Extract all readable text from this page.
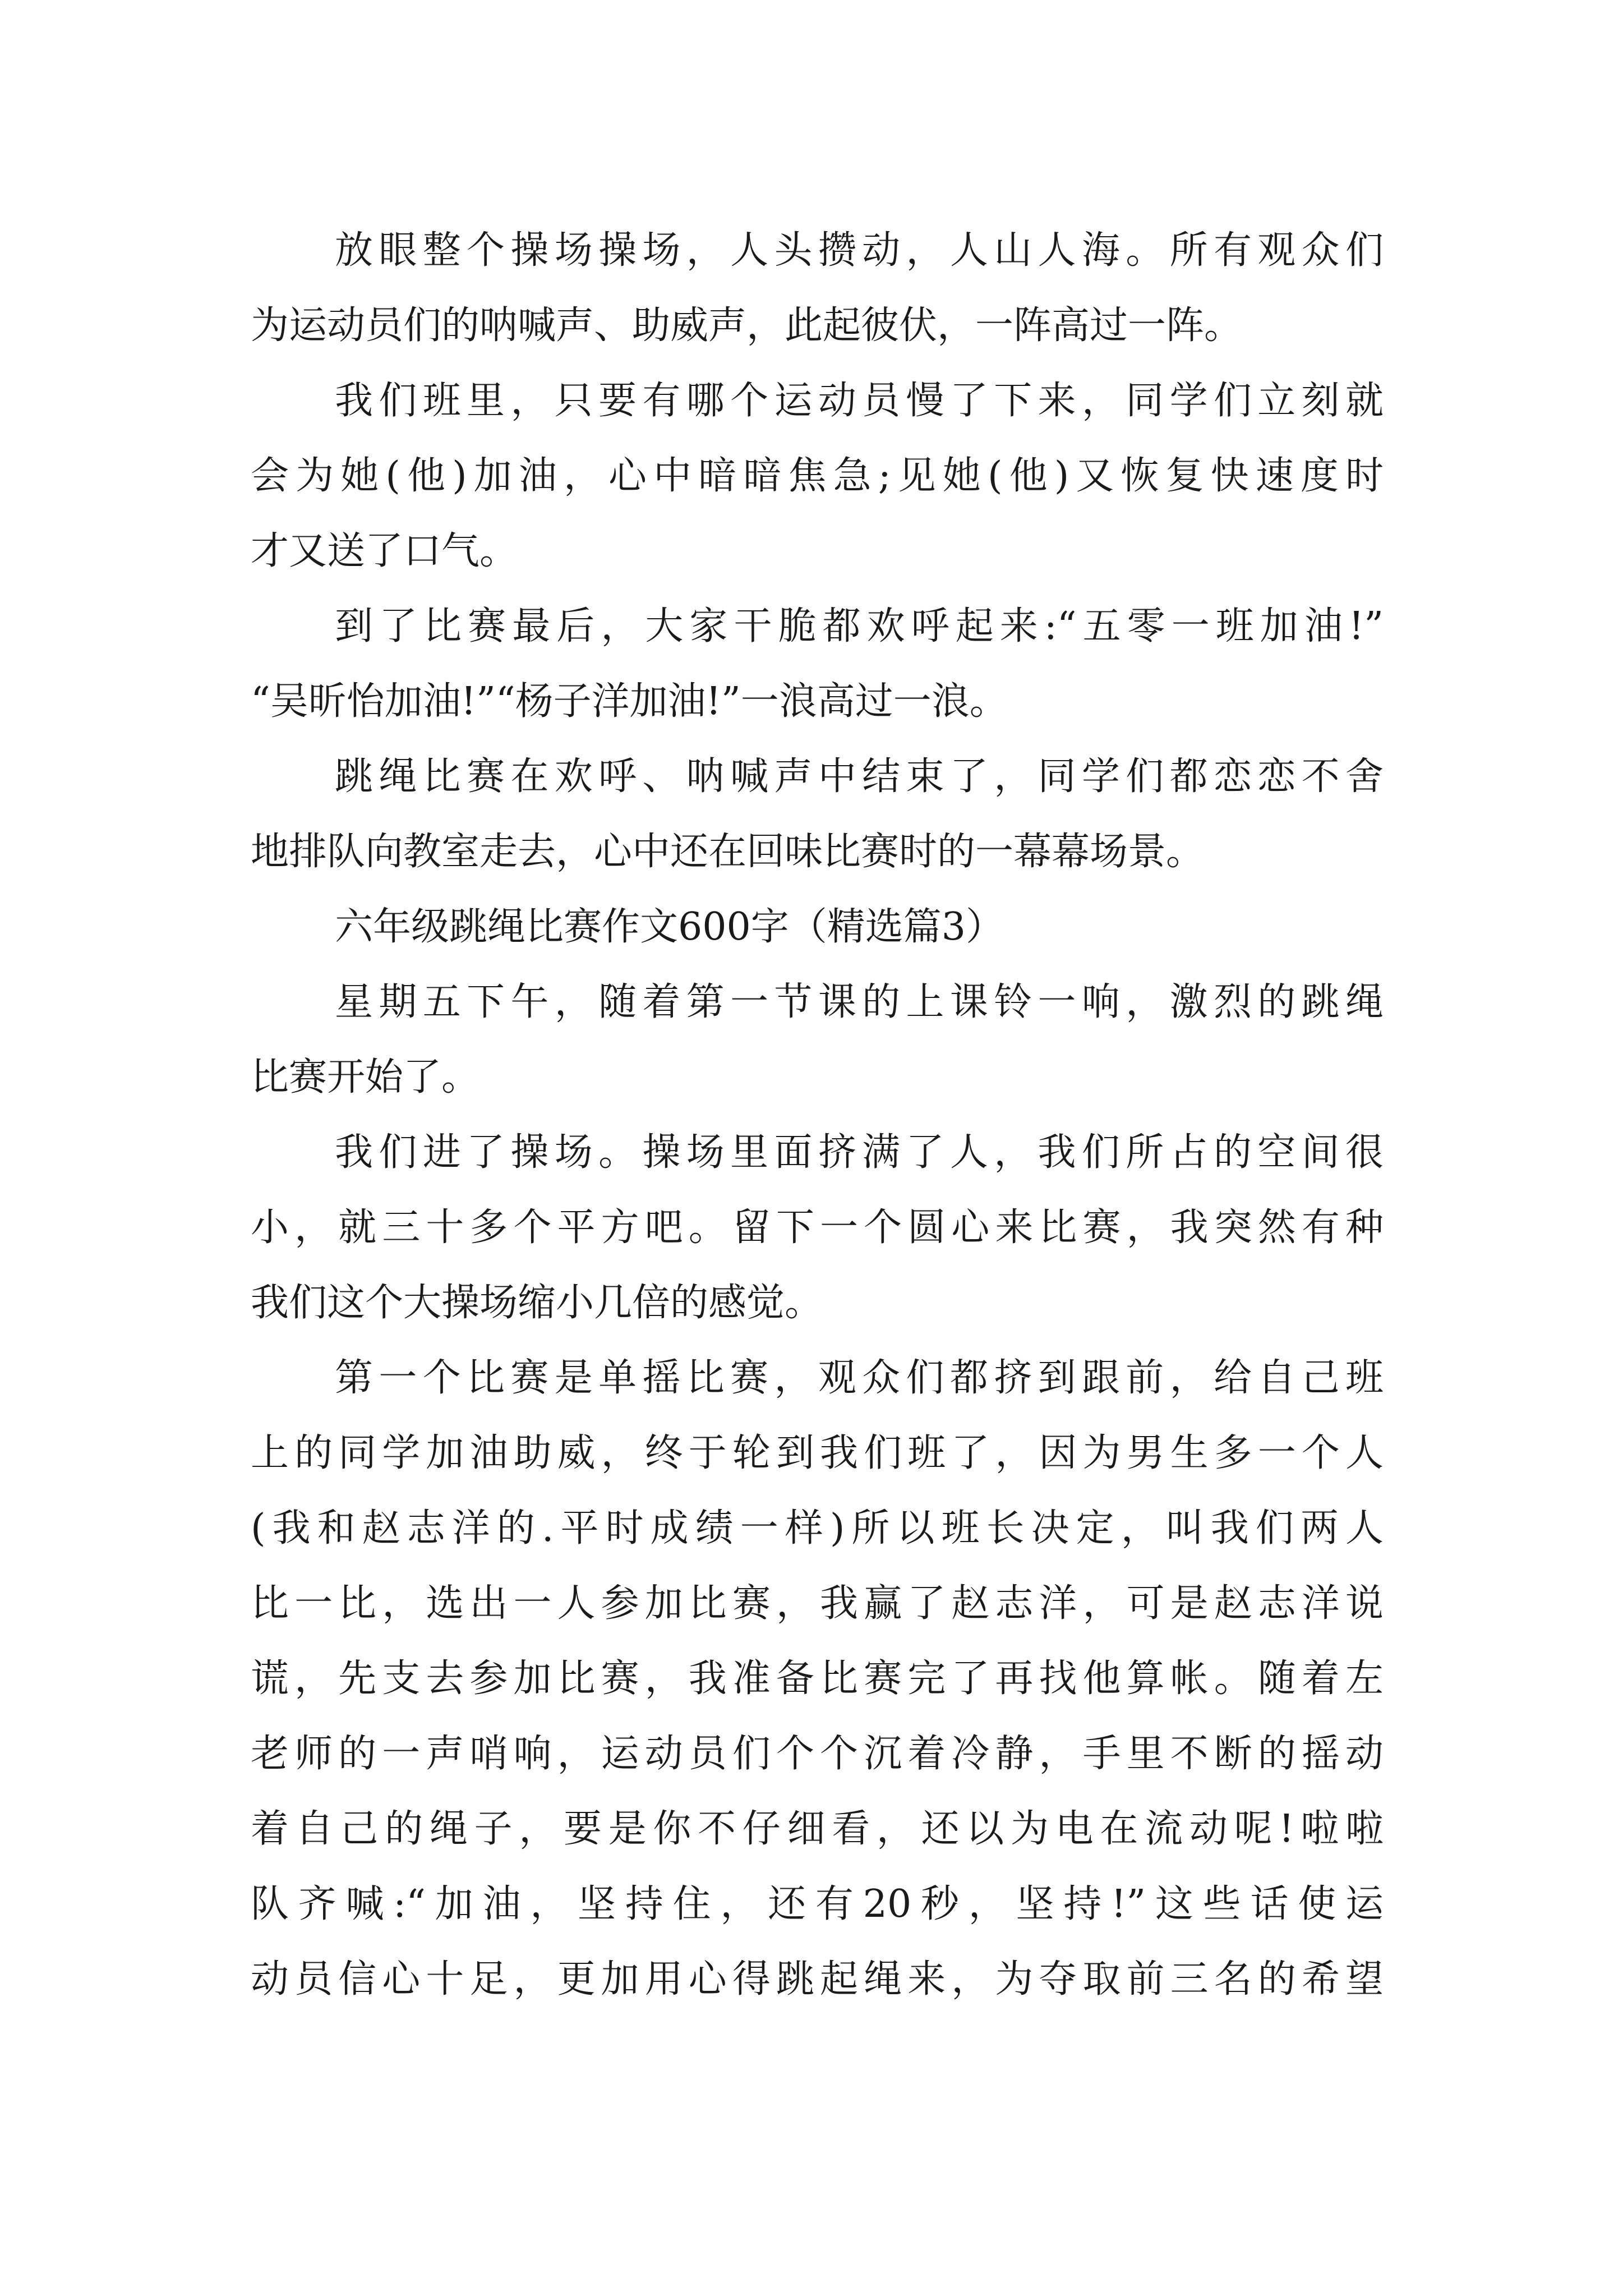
放眼整个操场操场，人头攒动，人山人海。所有观众们
为运动员们的呐喊声、助威声，此起彼伏，一阵高过一阵。
我们班里，只要有哪个运动员慢了下来，同学们立刻就
会为她(他)加油，心中暗暗焦急;见她(他)又恢复快速度时
才又送了口气。
到了比赛最后，大家干脆都欢呼起来:“五零一班加油!”
“吴昕怡加油!”“杨子洋加油!”一浪高过一浪。
跳绳比赛在欢呼、呐喊声中结束了，同学们都恋恋不舍
地排队向教室走去，心中还在回味比赛时的一幕幕场景。
六年级跳绳比赛作文600字（精选篇3）
星期五下午，随着第一节课的上课铃一响，激烈的跳绳
比赛开始了。
我们进了操场。操场里面挤满了人，我们所占的空间很
小，就三十多个平方吧。留下一个圆心来比赛，我突然有种
我们这个大操场缩小几倍的感觉。
第一个比赛是单摇比赛，观众们都挤到跟前，给自己班
上的同学加油助威，终于轮到我们班了，因为男生多一个人
(我和赵志洋的.平时成绩一样)所以班长决定，叫我们两人
比一比，选出一人参加比赛，我赢了赵志洋，可是赵志洋说
谎，先支去参加比赛，我准备比赛完了再找他算帐。随着左
老师的一声哨响，运动员们个个沉着冷静，手里不断的摇动
着自己的绳子，要是你不仔细看，还以为电在流动呢!啦啦
队齐喊:“加油，坚持住，还有20秒，坚持!”这些话使运
动员信心十足，更加用心得跳起绳来，为夺取前三名的希望
